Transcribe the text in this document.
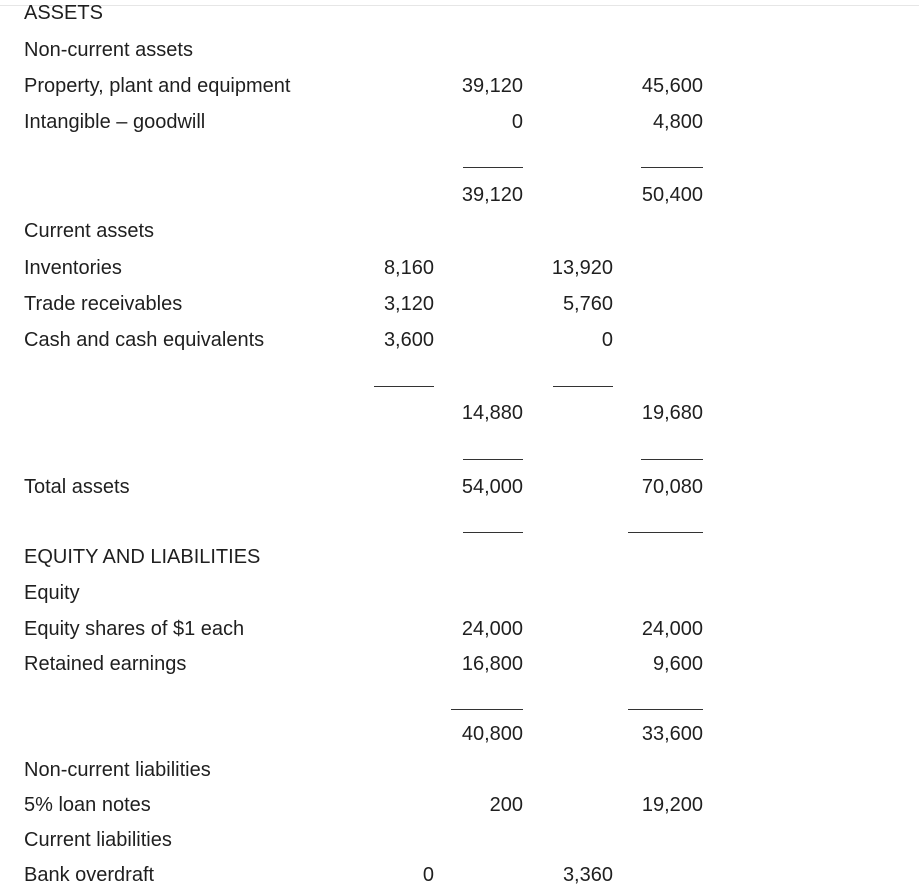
ASSETS
Non-current assets
Property, plant and equipment	39,120	45,600
Intangible – goodwill	0	4,800
39,120	50,400
Current assets
Inventories	8,160	13,920
Trade receivables	3,120	5,760
Cash and cash equivalents	3,600	0
14,880	19,680
Total assets	54,000	70,080
EQUITY AND LIABILITIES
Equity
Equity shares of $1 each	24,000	24,000
Retained earnings	16,800	9,600
40,800	33,600
Non-current liabilities
5% loan notes	200	19,200
Current liabilities
Bank overdraft	0	3,360
